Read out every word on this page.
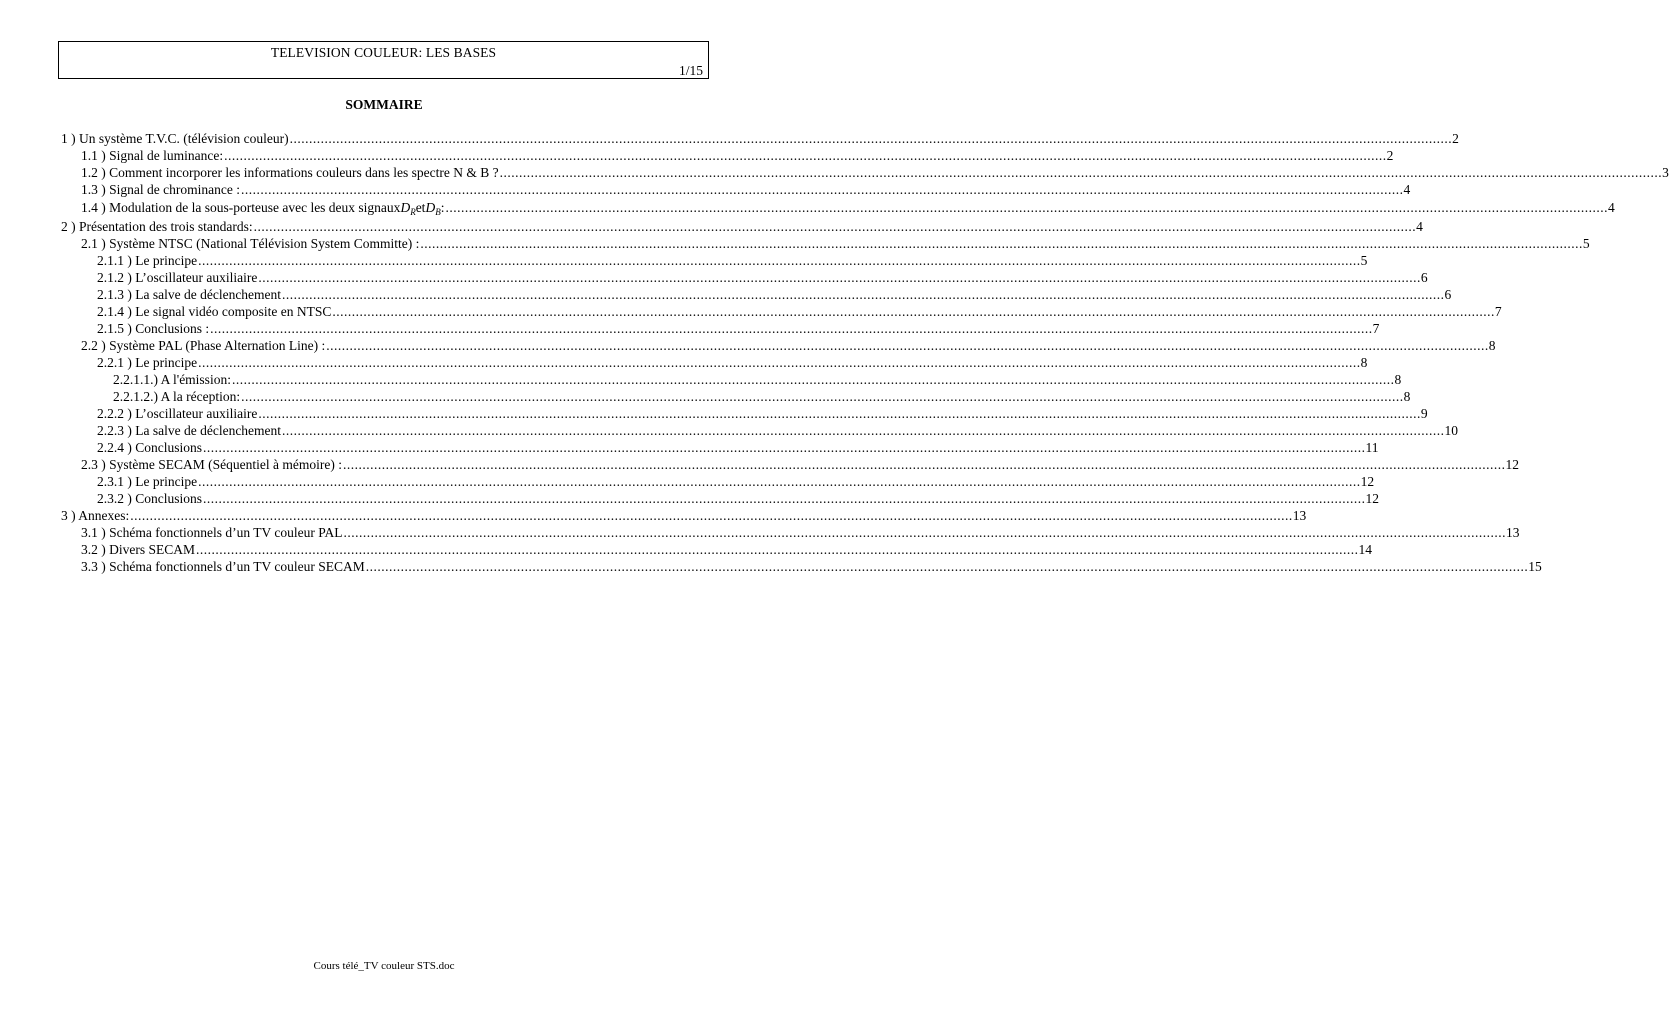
TELEVISION COULEUR: LES BASES
1/15
SOMMAIRE
1 ) Un système T.V.C. (télévision couleur) ............................................................................................................................................................................................................................................................................................................ 2
1.1 ) Signal de luminance: ............................................................................................................................................................................................................................................................................................................ 2
1.2 ) Comment incorporer les informations couleurs dans les spectre N & B ? ............................................................................................................................................................................................................................................................................................................ 3
1.3 ) Signal de chrominance : ............................................................................................................................................................................................................................................................................................................ 4
1.4 ) Modulation de la sous-porteuse avec les deux signaux $D_R$ et $D_B$ : ............................................................................................................................................................................................................................................................................................................ 4
2 ) Présentation des trois standards: ............................................................................................................................................................................................................................................................................................................ 4
2.1 ) Système NTSC (National Télévision System Committe) : ............................................................................................................................................................................................................................................................................................................ 5
2.1.1 ) Le principe ............................................................................................................................................................................................................................................................................................................ 5
2.1.2 ) L’oscillateur auxiliaire ............................................................................................................................................................................................................................................................................................................ 6
2.1.3 ) La salve de déclenchement ............................................................................................................................................................................................................................................................................................................ 6
2.1.4 ) Le signal vidéo composite en NTSC ............................................................................................................................................................................................................................................................................................................ 7
2.1.5 ) Conclusions : ............................................................................................................................................................................................................................................................................................................ 7
2.2 ) Système PAL (Phase Alternation Line) : ............................................................................................................................................................................................................................................................................................................ 8
2.2.1 ) Le principe ............................................................................................................................................................................................................................................................................................................ 8
2.2.1.1.) A l'émission: ............................................................................................................................................................................................................................................................................................................ 8
2.2.1.2.) A la réception: ............................................................................................................................................................................................................................................................................................................ 8
2.2.2 ) L’oscillateur auxiliaire ............................................................................................................................................................................................................................................................................................................ 9
2.2.3 ) La salve de déclenchement ............................................................................................................................................................................................................................................................................................................ 10
2.2.4 ) Conclusions ............................................................................................................................................................................................................................................................................................................ 11
2.3 ) Système SECAM (Séquentiel à mémoire) : ............................................................................................................................................................................................................................................................................................................ 12
2.3.1 ) Le principe ............................................................................................................................................................................................................................................................................................................ 12
2.3.2 ) Conclusions ............................................................................................................................................................................................................................................................................................................ 12
3 ) Annexes: ............................................................................................................................................................................................................................................................................................................ 13
3.1 ) Schéma fonctionnels d’un TV couleur PAL ............................................................................................................................................................................................................................................................................................................ 13
3.2 ) Divers SECAM ............................................................................................................................................................................................................................................................................................................ 14
3.3 ) Schéma fonctionnels d’un TV couleur SECAM ............................................................................................................................................................................................................................................................................................................ 15
Cours télé_TV couleur STS.doc
